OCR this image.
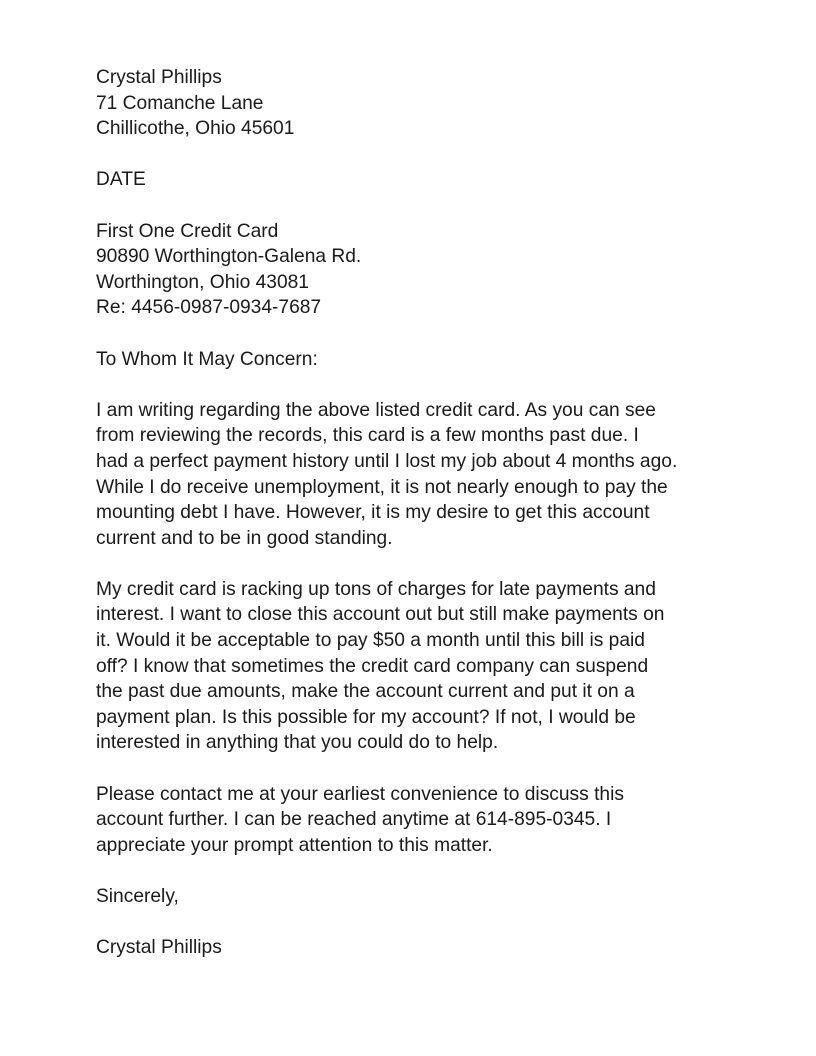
Crystal Phillips
71 Comanche Lane
Chillicothe, Ohio 45601
DATE
First One Credit Card
90890 Worthington-Galena Rd.
Worthington, Ohio 43081
Re: 4456-0987-0934-7687
To Whom It May Concern:
I am writing regarding the above listed credit card. As you can see
from reviewing the records, this card is a few months past due. I
had a perfect payment history until I lost my job about 4 months ago.
While I do receive unemployment, it is not nearly enough to pay the
mounting debt I have. However, it is my desire to get this account
current and to be in good standing.
My credit card is racking up tons of charges for late payments and
interest. I want to close this account out but still make payments on
it. Would it be acceptable to pay $50 a month until this bill is paid
off? I know that sometimes the credit card company can suspend
the past due amounts, make the account current and put it on a
payment plan. Is this possible for my account? If not, I would be
interested in anything that you could do to help.
Please contact me at your earliest convenience to discuss this
account further. I can be reached anytime at 614-895-0345. I
appreciate your prompt attention to this matter.
Sincerely,
Crystal Phillips
